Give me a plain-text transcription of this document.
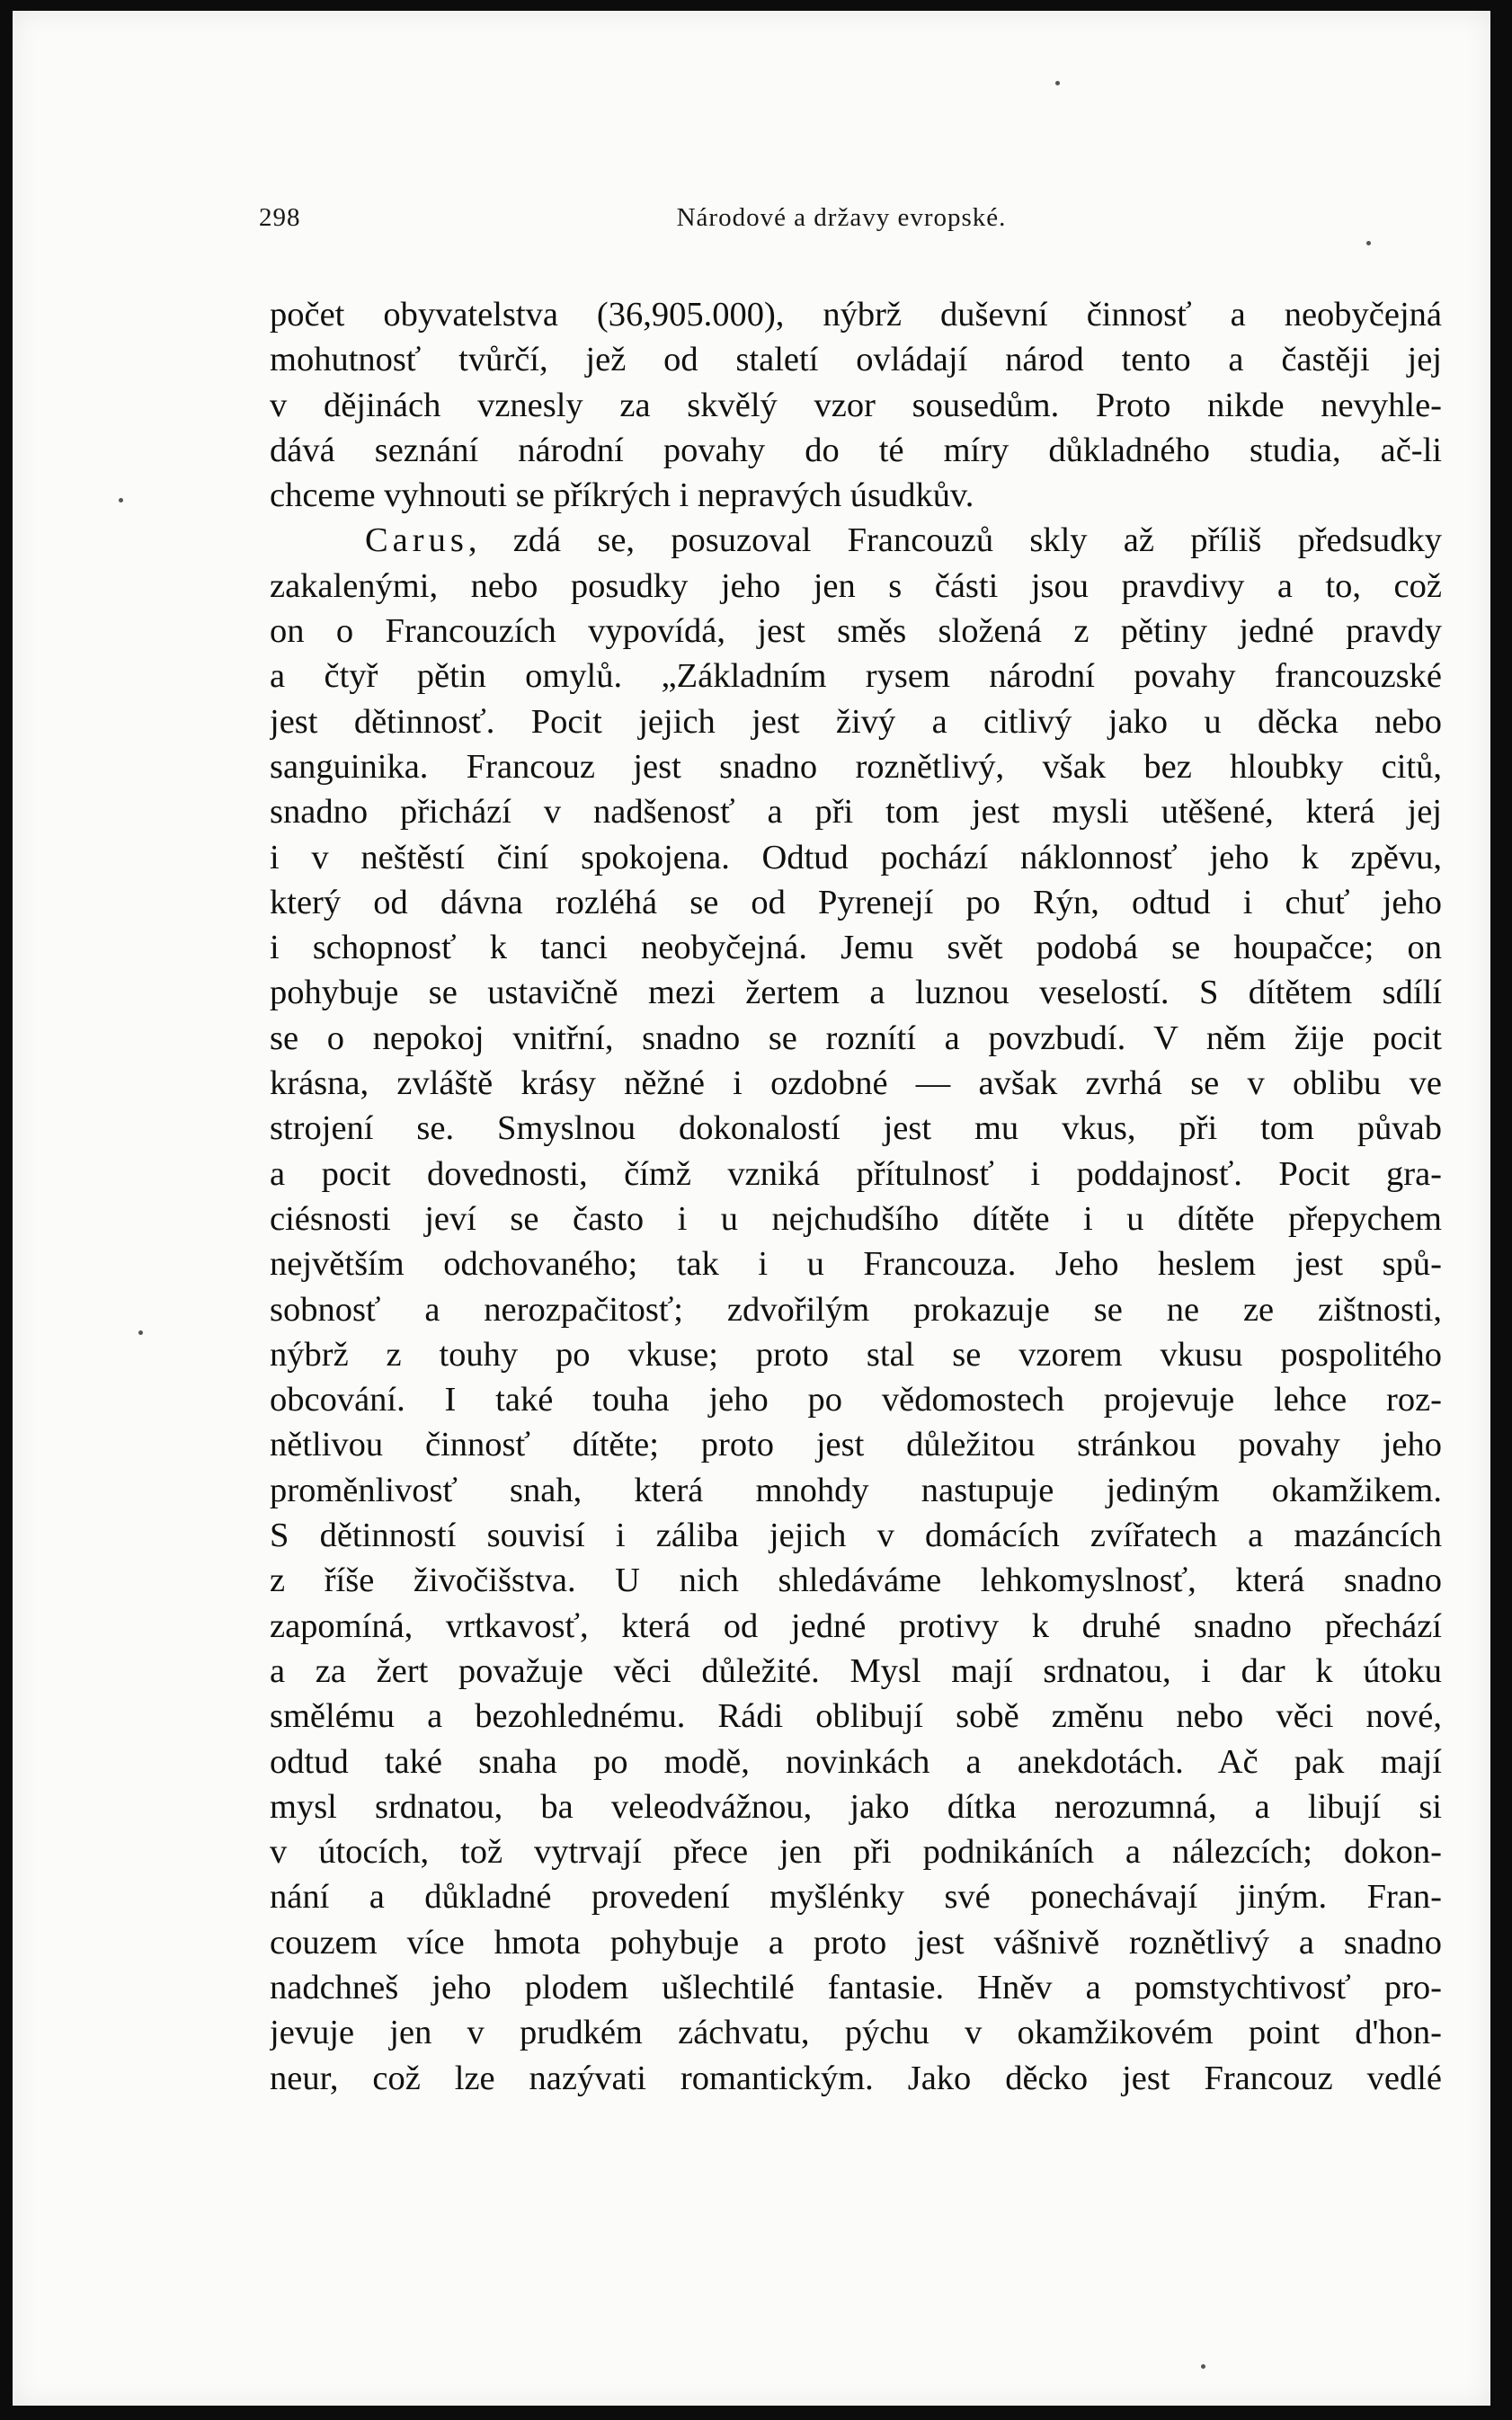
298	Národové a državy evropské.
počet obyvatelstva (36,905.000), nýbrž duševní činnosť a neobyčejná
mohutnosť tvůrčí, jež od staletí ovládají národ tento a častěji jej
v dějinách vznesly za skvělý vzor sousedům. Proto nikde nevyhle-
dává seznání národní povahy do té míry důkladného studia, ač-li
chceme vyhnouti se příkrých i nepravých úsudkův.
Carus, zdá se, posuzoval Francouzů skly až příliš předsudky
zakalenými, nebo posudky jeho jen s části jsou pravdivy a to, což
on o Francouzích vypovídá, jest směs složená z pětiny jedné pravdy
a čtyř pětin omylů. „Základním rysem národní povahy francouzské
jest dětinnosť. Pocit jejich jest živý a citlivý jako u děcka nebo
sanguinika. Francouz jest snadno roznětlivý, však bez hloubky citů,
snadno přichází v nadšenosť a při tom jest mysli utěšené, která jej
i v neštěstí činí spokojena. Odtud pochází náklonnosť jeho k zpěvu,
který od dávna rozléhá se od Pyrenejí po Rýn, odtud i chuť jeho
i schopnosť k tanci neobyčejná. Jemu svět podobá se houpačce; on
pohybuje se ustavičně mezi žertem a luznou veselostí. S dítětem sdílí
se o nepokoj vnitřní, snadno se roznítí a povzbudí. V něm žije pocit
krásna, zvláště krásy něžné i ozdobné — avšak zvrhá se v oblibu ve
strojení se. Smyslnou dokonalostí jest mu vkus, při tom půvab
a pocit dovednosti, čímž vzniká přítulnosť i poddajnosť. Pocit gra-
ciésnosti jeví se často i u nejchudšího dítěte i u dítěte přepychem
největším odchovaného; tak i u Francouza. Jeho heslem jest spů-
sobnosť a nerozpačitosť; zdvořilým prokazuje se ne ze zištnosti,
nýbrž z touhy po vkuse; proto stal se vzorem vkusu pospolitého
obcování. I také touha jeho po vědomostech projevuje lehce roz-
nětlivou činnosť dítěte; proto jest důležitou stránkou povahy jeho
proměnlivosť snah, která mnohdy nastupuje jediným okamžikem.
S dětinností souvisí i záliba jejich v domácích zvířatech a mazáncích
z říše živočišstva. U nich shledáváme lehkomyslnosť, která snadno
zapomíná, vrtkavosť, která od jedné protivy k druhé snadno přechází
a za žert považuje věci důležité. Mysl mají srdnatou, i dar k útoku
smělému a bezohlednému. Rádi oblibují sobě změnu nebo věci nové,
odtud také snaha po modě, novinkách a anekdotách. Ač pak mají
mysl srdnatou, ba veleodvážnou, jako dítka nerozumná, a libují si
v útocích, tož vytrvají přece jen při podnikáních a nálezcích; dokon-
nání a důkladné provedení myšlénky své ponechávají jiným. Fran-
couzem více hmota pohybuje a proto jest vášnivě roznětlivý a snadno
nadchneš jeho plodem ušlechtilé fantasie. Hněv a pomstychtivosť pro-
jevuje jen v prudkém záchvatu, pýchu v okamžikovém point d'hon-
neur, což lze nazývati romantickým. Jako děcko jest Francouz vedlé
